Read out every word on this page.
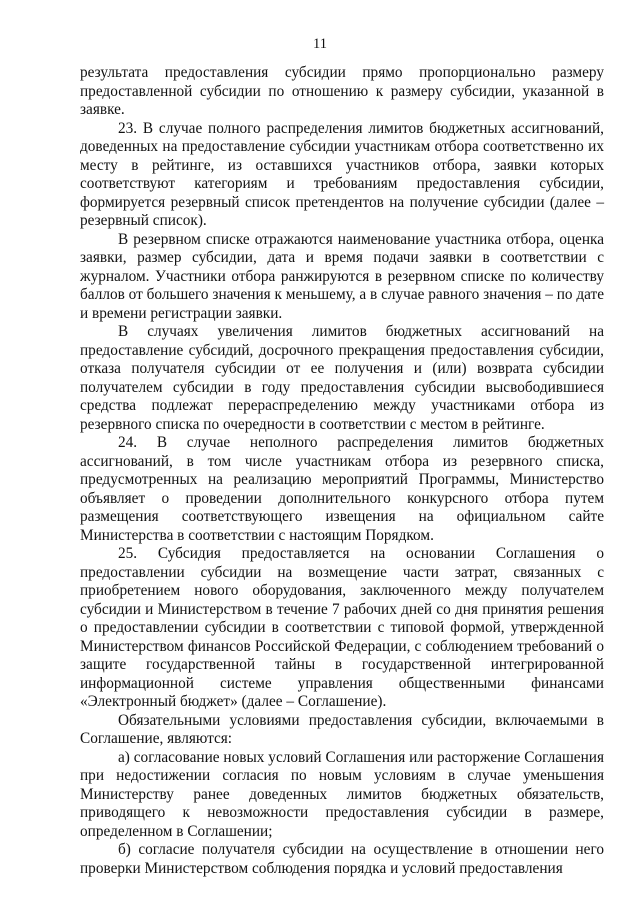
11

результата предоставления субсидии прямо пропорционально размеру предоставленной субсидии по отношению к размеру субсидии, указанной в заявке.

23. В случае полного распределения лимитов бюджетных ассигнований, доведенных на предоставление субсидии участникам отбора соответственно их месту в рейтинге, из оставшихся участников отбора, заявки которых соответствуют категориям и требованиям предоставления субсидии, формируется резервный список претендентов на получение субсидии (далее – резервный список).

В резервном списке отражаются наименование участника отбора, оценка заявки, размер субсидии, дата и время подачи заявки в соответствии с журналом. Участники отбора ранжируются в резервном списке по количеству баллов от большего значения к меньшему, а в случае равного значения – по дате и времени регистрации заявки.

В случаях увеличения лимитов бюджетных ассигнований на предоставление субсидий, досрочного прекращения предоставления субсидии, отказа получателя субсидии от ее получения и (или) возврата субсидии получателем субсидии в году предоставления субсидии высвободившиеся средства подлежат перераспределению между участниками отбора из резервного списка по очередности в соответствии с местом в рейтинге.

24. В случае неполного распределения лимитов бюджетных ассигнований, в том числе участникам отбора из резервного списка, предусмотренных на реализацию мероприятий Программы, Министерство объявляет о проведении дополнительного конкурсного отбора путем размещения соответствующего извещения на официальном сайте Министерства в соответствии с настоящим Порядком.

25. Субсидия предоставляется на основании Соглашения о предоставлении субсидии на возмещение части затрат, связанных с приобретением нового оборудования, заключенного между получателем субсидии и Министерством в течение 7 рабочих дней со дня принятия решения о предоставлении субсидии в соответствии с типовой формой, утвержденной Министерством финансов Российской Федерации, с соблюдением требований о защите государственной тайны в государственной интегрированной информационной системе управления общественными финансами «Электронный бюджет» (далее – Соглашение).

Обязательными условиями предоставления субсидии, включаемыми в Соглашение, являются:

а) согласование новых условий Соглашения или расторжение Соглашения при недостижении согласия по новым условиям в случае уменьшения Министерству ранее доведенных лимитов бюджетных обязательств, приводящего к невозможности предоставления субсидии в размере, определенном в Соглашении;

б) согласие получателя субсидии на осуществление в отношении него проверки Министерством соблюдения порядка и условий предоставления
